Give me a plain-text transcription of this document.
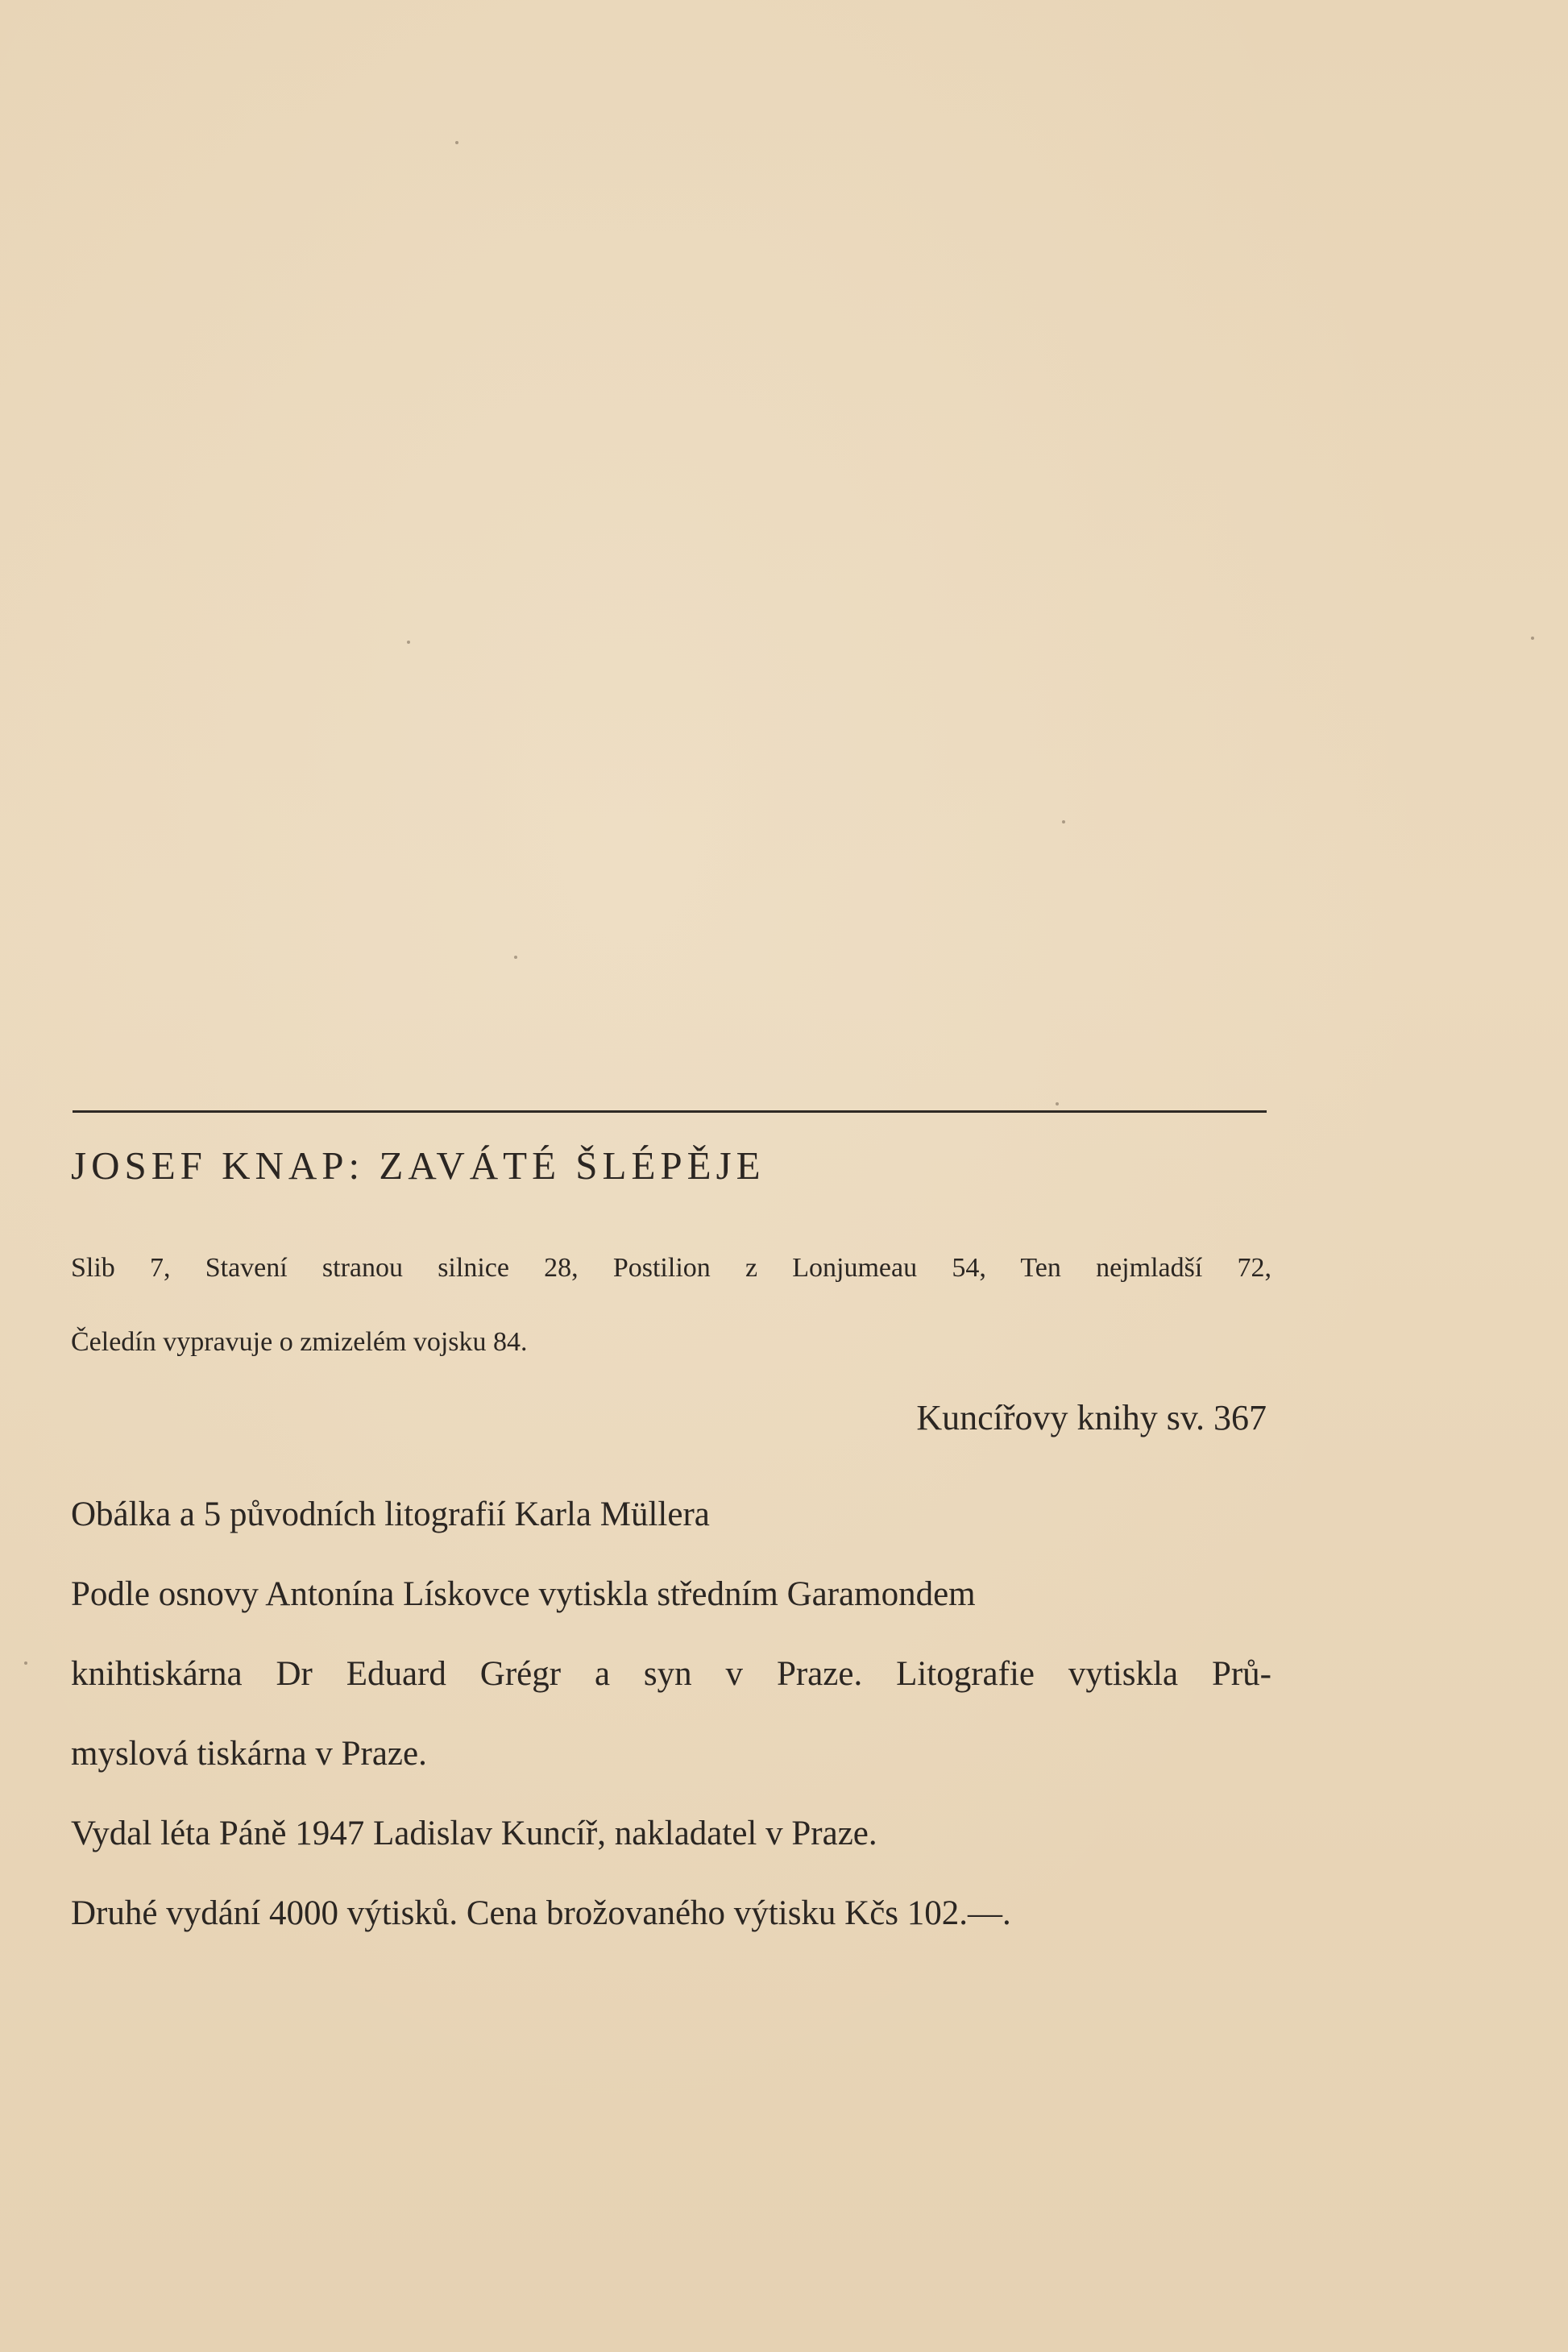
JOSEF KNAP: ZAVÁTÉ ŠLÉPĚJE
Slib 7, Stavení stranou silnice 28, Postilion z Lonjumeau 54, Ten nejmladší 72,
Čeledín vypravuje o zmizelém vojsku 84.
Kuncířovy knihy sv. 367

Obálka a 5 původních litografií Karla Müllera

Podle osnovy Antonína Lískovce vytiskla středním Garamondem

knihtiskárna Dr Eduard Grégr a syn v Praze. Litografie vytiskla Prů-

myslová tiskárna v Praze.

Vydal léta Páně 1947 Ladislav Kuncíř, nakladatel v Praze.

Druhé vydání 4000 výtisků. Cena brožovaného výtisku Kčs 102.—.
